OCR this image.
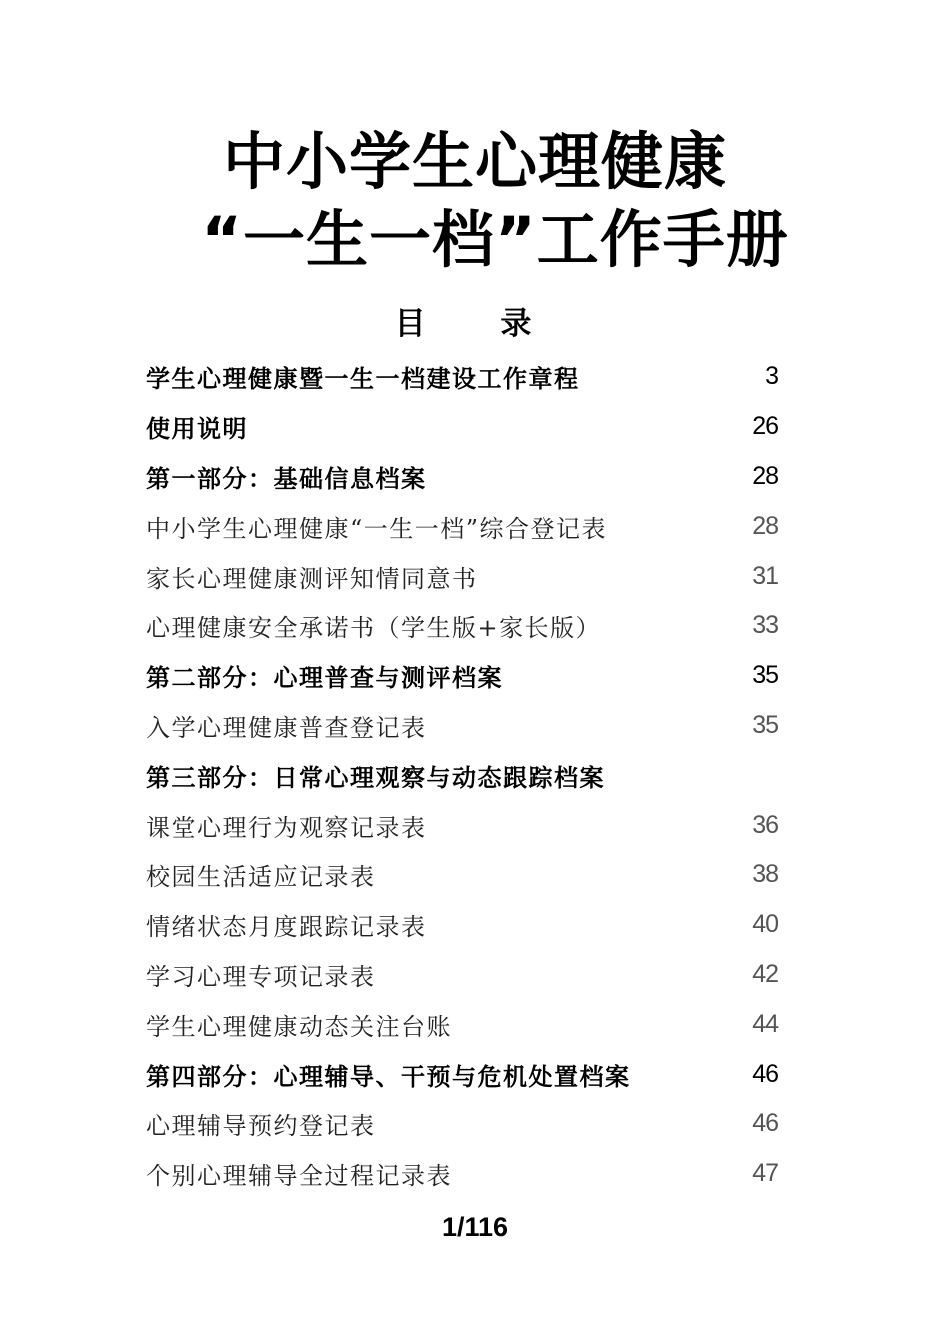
中小学生心理健康
“一生一档”工作手册
目 录
学生心理健康暨一生一档建设工作章程	3
使用说明	26
第一部分：基础信息档案	28
中小学生心理健康“一生一档”综合登记表	28
家长心理健康测评知情同意书	31
心理健康安全承诺书（学生版+家长版）	33
第二部分：心理普查与测评档案	35
入学心理健康普查登记表	35
第三部分：日常心理观察与动态跟踪档案
课堂心理行为观察记录表	36
校园生活适应记录表	38
情绪状态月度跟踪记录表	40
学习心理专项记录表	42
学生心理健康动态关注台账	44
第四部分：心理辅导、干预与危机处置档案	46
心理辅导预约登记表	46
个别心理辅导全过程记录表	47
1/116
